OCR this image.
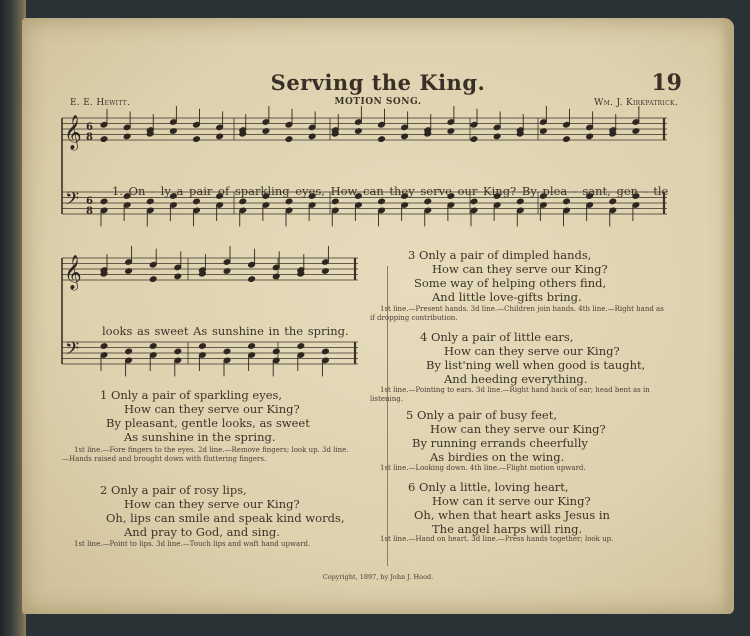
Serving the King.	19
E. E. Hewitt.	MOTION SONG.	Wm. J. Kirkpatrick.
𝄞
𝄢
6
8
6
8
𝄞
𝄢
1. On - ly a pair of sparkling eyes, How can they serve our King? By plea - sant, gen - tle
looks as sweet As sunshine in the spring.
1 Only a pair of sparkling eyes,
How can they serve our King?
By pleasant, gentle looks, as sweet
As sunshine in the spring.
1st line.—Fore fingers to the eyes. 2d line.—Remove fingers; look up. 3d line.—Hands raised and brought down with fluttering fingers.
2 Only a pair of rosy lips,
How can they serve our King?
Oh, lips can smile and speak kind words,
And pray to God, and sing.
1st line.—Point to lips. 3d line.—Touch lips and waft hand upward.
3 Only a pair of dimpled hands,
How can they serve our King?
Some way of helping others find,
And little love-gifts bring.
1st line.—Present hands. 3d line.—Children join hands. 4th line.—Right hand as if dropping contribution.
4 Only a pair of little ears,
How can they serve our King?
By list'ning well when good is taught,
And heeding everything.
1st line.—Pointing to ears. 3d line.—Right hand back of ear; head bent as in listening.
5 Only a pair of busy feet,
How can they serve our King?
By running errands cheerfully
As birdies on the wing.
1st line.—Looking down. 4th line.—Flight motion upward.
6 Only a little, loving heart,
How can it serve our King?
Oh, when that heart asks Jesus in
The angel harps will ring.
1st line.—Hand on heart. 3d line.—Press hands together; look up.
Copyright, 1897, by John J. Hood.
